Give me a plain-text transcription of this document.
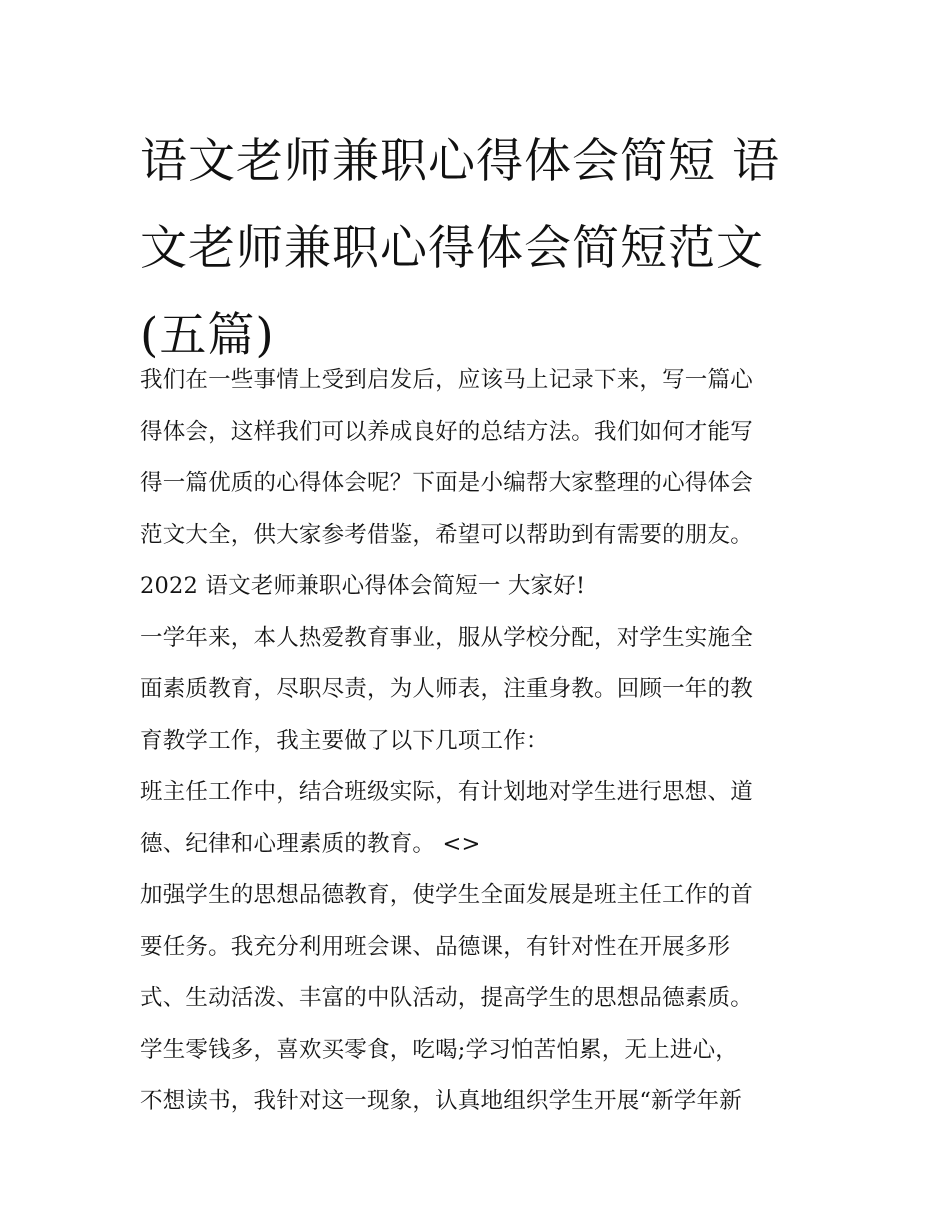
语文老师兼职心得体会简短 语
文老师兼职心得体会简短范文
(五篇)
我们在一些事情上受到启发后，应该马上记录下来，写一篇心
得体会，这样我们可以养成良好的总结方法。我们如何才能写
得一篇优质的心得体会呢？下面是小编帮大家整理的心得体会
范文大全，供大家参考借鉴，希望可以帮助到有需要的朋友。
2022 语文老师兼职心得体会简短一 大家好!
一学年来，本人热爱教育事业，服从学校分配，对学生实施全
面素质教育，尽职尽责，为人师表，注重身教。回顾一年的教
育教学工作，我主要做了以下几项工作：
班主任工作中，结合班级实际，有计划地对学生进行思想、道
德、纪律和心理素质的教育。 <>
加强学生的思想品德教育，使学生全面发展是班主任工作的首
要任务。我充分利用班会课、品德课，有针对性在开展多形
式、生动活泼、丰富的中队活动，提高学生的思想品德素质。
学生零钱多，喜欢买零食，吃喝;学习怕苦怕累，无上进心，
不想读书，我针对这一现象，认真地组织学生开展“新学年新
